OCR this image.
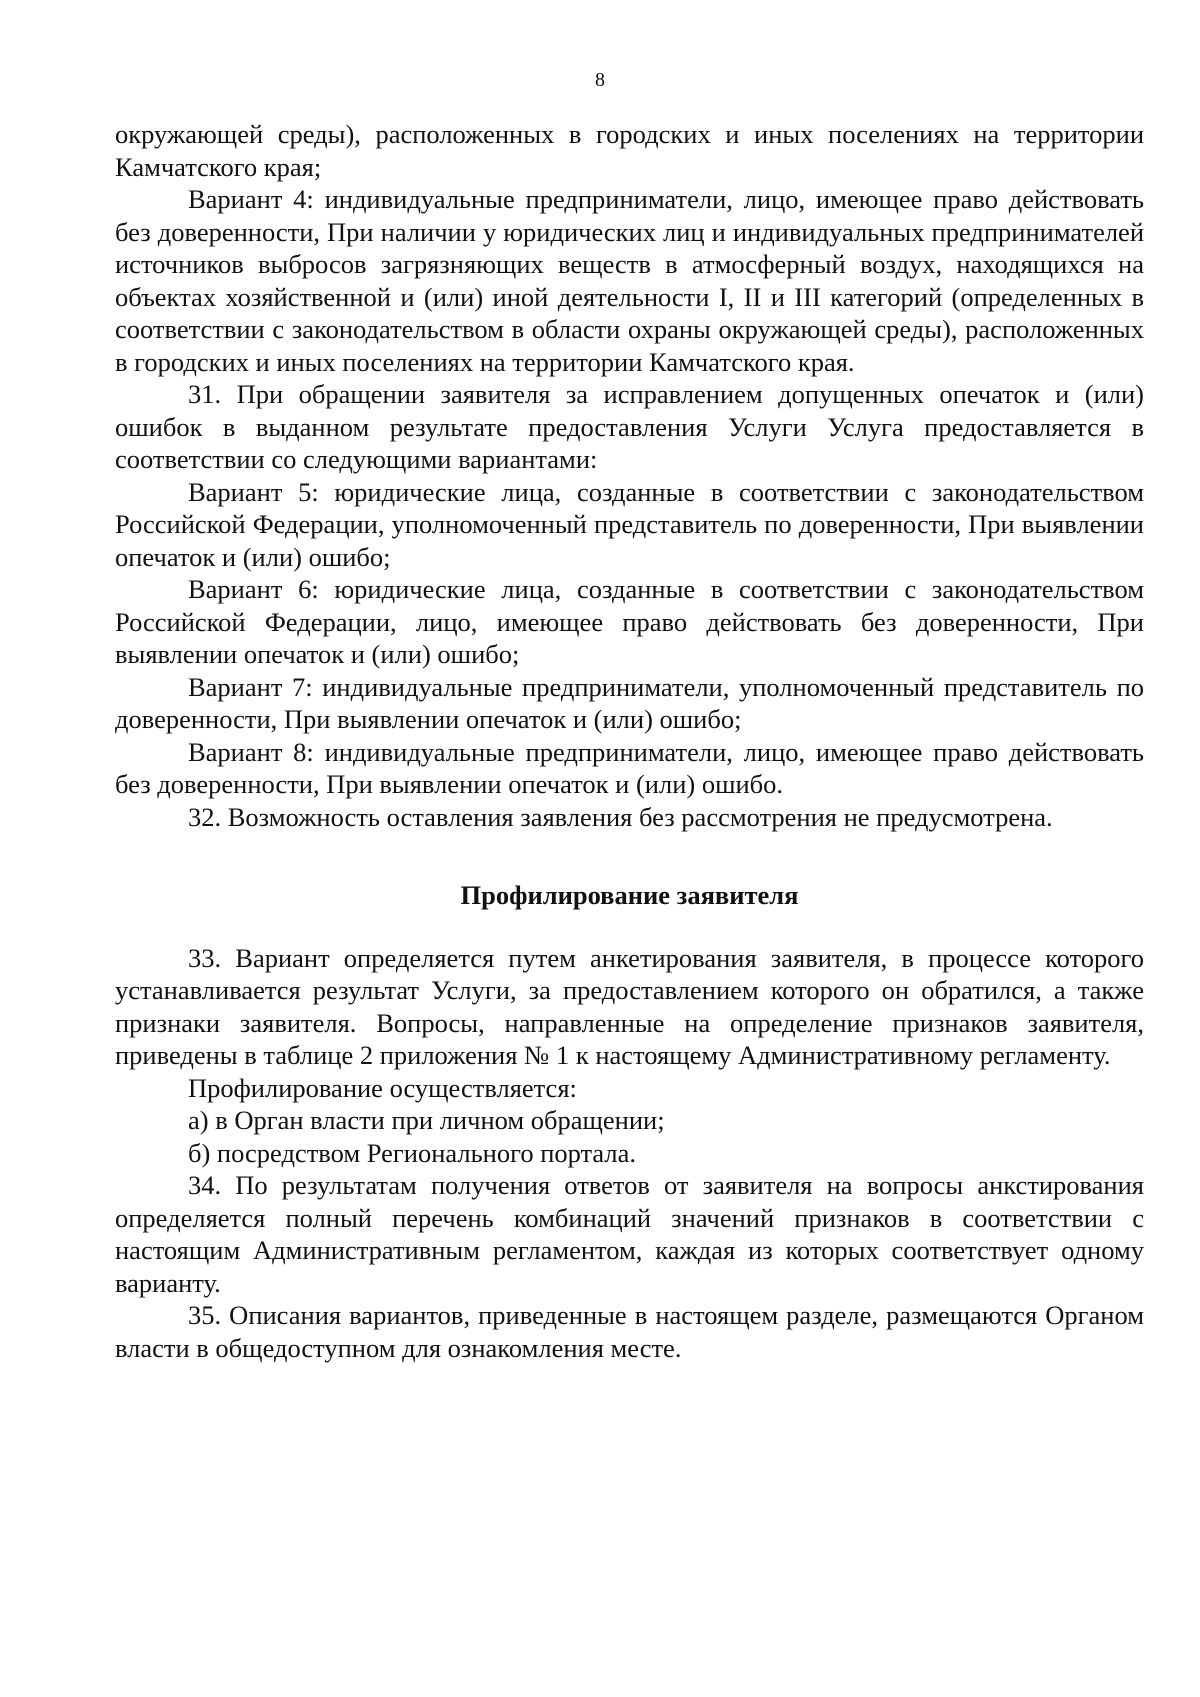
8

окружающей среды), расположенных в городских и иных поселениях на территории Камчатского края;

Вариант 4: индивидуальные предприниматели, лицо, имеющее право действовать без доверенности, При наличии у юридических лиц и индивидуальных предпринимателей источников выбросов загрязняющих веществ в атмосферный воздух, находящихся на объектах хозяйственной и (или) иной деятельности I, II и III категорий (определенных в соответствии с законодательством в области охраны окружающей среды), расположенных в городских и иных поселениях на территории Камчатского края.

31. При обращении заявителя за исправлением допущенных опечаток и (или) ошибок в выданном результате предоставления Услуги Услуга предоставляется в соответствии со следующими вариантами:

Вариант 5: юридические лица, созданные в соответствии с законодательством Российской Федерации, уполномоченный представитель по доверенности, При выявлении опечаток и (или) ошибо;

Вариант 6: юридические лица, созданные в соответствии с законодательством Российской Федерации, лицо, имеющее право действовать без доверенности, При выявлении опечаток и (или) ошибо;

Вариант 7: индивидуальные предприниматели, уполномоченный представитель по доверенности, При выявлении опечаток и (или) ошибо;

Вариант 8: индивидуальные предприниматели, лицо, имеющее право действовать без доверенности, При выявлении опечаток и (или) ошибо.

32. Возможность оставления заявления без рассмотрения не предусмотрена.

Профилирование заявителя

33. Вариант определяется путем анкетирования заявителя, в процессе которого устанавливается результат Услуги, за предоставлением которого он обратился, а также признаки заявителя. Вопросы, направленные на определение признаков заявителя, приведены в таблице 2 приложения № 1 к настоящему Административному регламенту.

Профилирование осуществляется:

а) в Орган власти при личном обращении;

б) посредством Регионального портала.

34. По результатам получения ответов от заявителя на вопросы анкстирования определяется полный перечень комбинаций значений признаков в соответствии с настоящим Административным регламентом, каждая из которых соответствует одному варианту.

35. Описания вариантов, приведенные в настоящем разделе, размещаются Органом власти в общедоступном для ознакомления месте.
